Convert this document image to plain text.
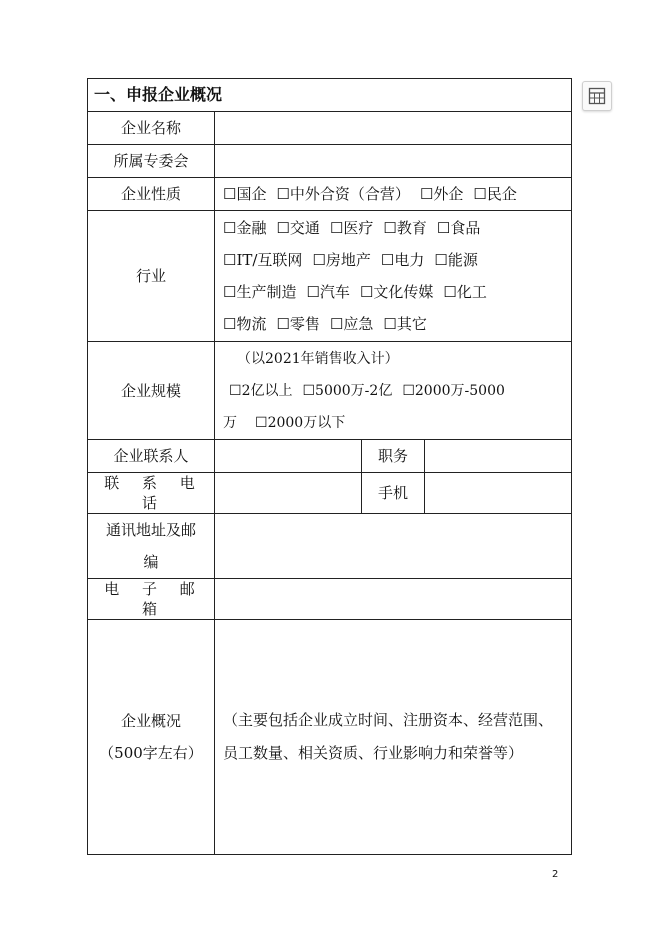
一、申报企业概况			
企业名称			
所属专委会			
企业性质	☐国企 ☐中外合资（合营） ☐外企 ☐民企		
行业	☐金融 ☐交通 ☐医疗 ☐教育 ☐食品
☐IT/互联网 ☐房地产 ☐电力 ☐能源
☐生产制造 ☐汽车 ☐文化传媒 ☐化工
☐物流 ☐零售 ☐应急 ☐其它		

企业规模	（以2021年销售收入计）
☐2亿以上 ☐5000万-2亿 ☐2000万-5000
万 ☐2000万以下		

企业联系人		职务	
联 系 电 话		手机	

通讯地址及邮
编			

电 子 邮 箱			

企业概况
（500字左右）	（主要包括企业成立时间、注册资本、经营范围、员工数量、相关资质、行业影响力和荣誉等）		
2
